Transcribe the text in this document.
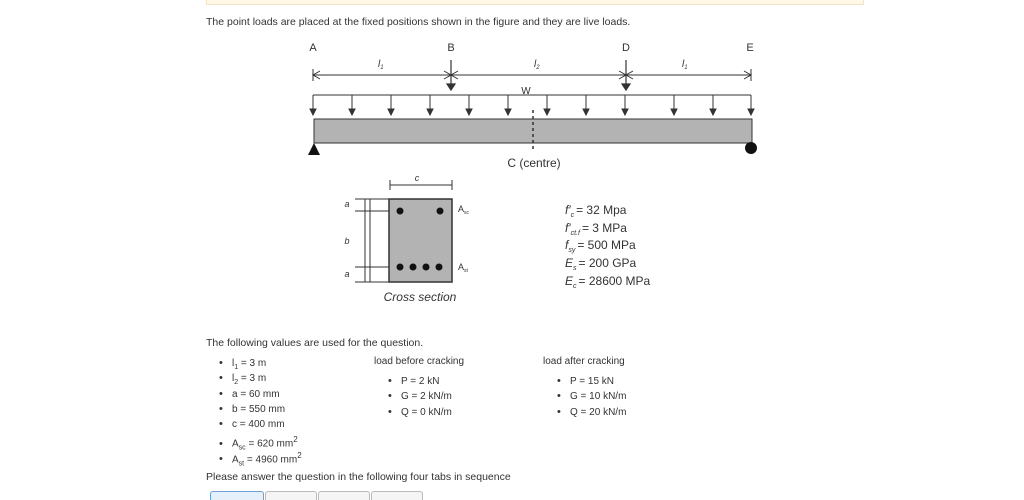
The point loads are placed at the fixed positions shown in the figure and they are live loads.
A	B	D	E
$l_1$	$l_2$	$l_1$
W
C (centre)
c
a
b
a
$A_{sc}$
$A_{st}$
Cross section
$f'_c = 32$ Mpa
$f'_{ct.f} = 3$ MPa
$f_{sy} = 500$ MPa
$E_s = 200$ GPa
$E_c = 28600$ MPa
The following values are used for the question.
• $l_1 = 3$ m
• $l_2 = 3$ m
• a = 60 mm
• b = 550 mm
• c = 400 mm
• $A_{sc} = 620$ $mm^2$
• $A_{st} = 4960$ $mm^2$
load before cracking
• P = 2 kN
• G = 2 kN/m
• Q = 0 kN/m
load after cracking
• P = 15 kN
• G = 10 kN/m
• Q = 20 kN/m
Please answer the question in the following four tabs in sequence
